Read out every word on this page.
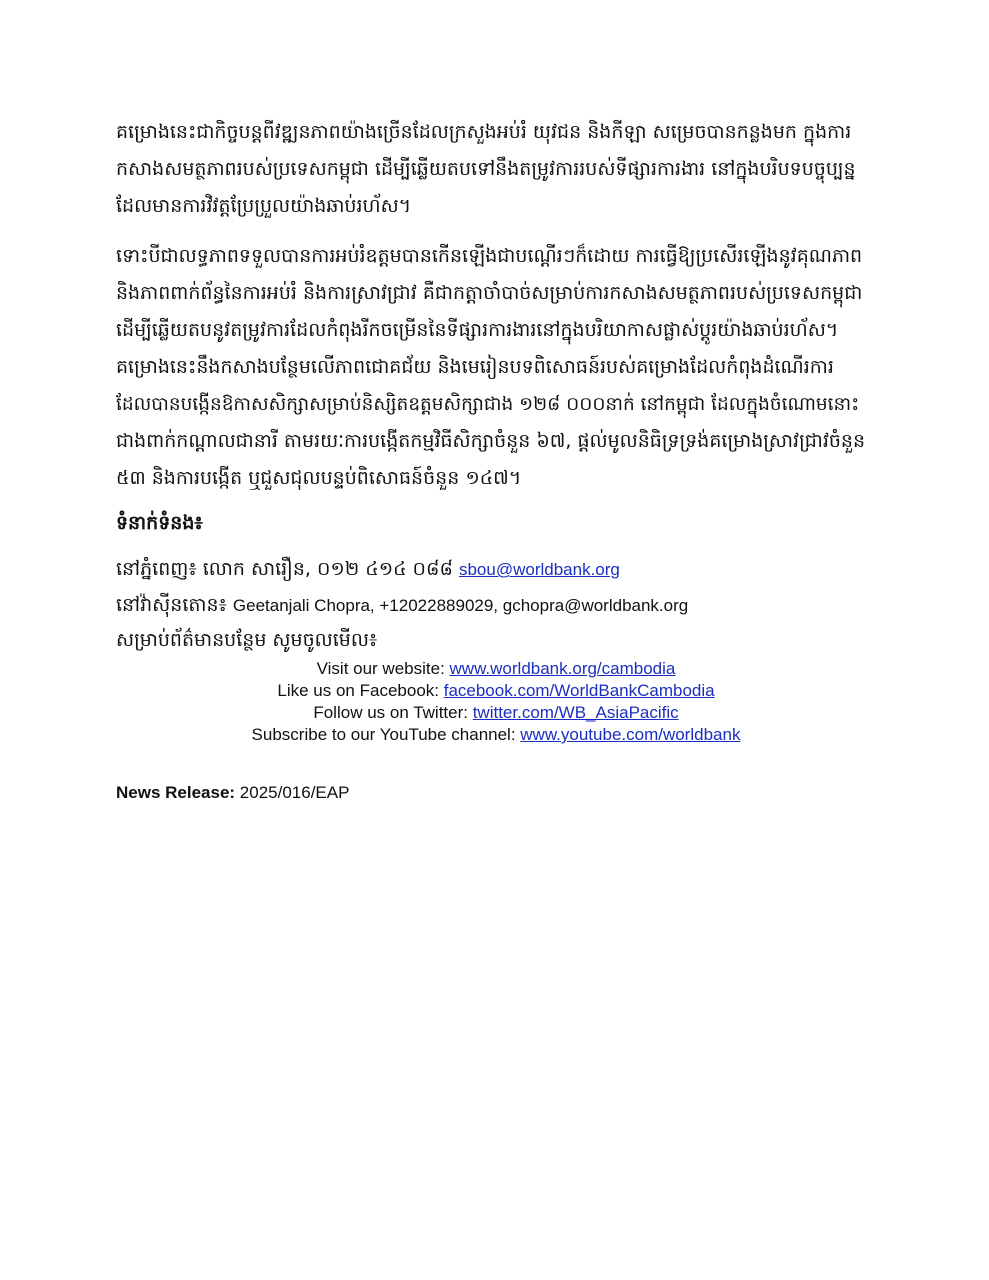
គម្រោងនេះជាកិច្ចបន្តពីវឌ្ឍនភាពយ៉ាងច្រើនដែលក្រសួងអប់រំ យុវជន និងកីឡា សម្រេចបានកន្លងមក ក្នុងការ
កសាងសមត្ថភាពរបស់ប្រទេសកម្ពុជា ដើម្បីឆ្លើយតបទៅនឹងតម្រូវការរបស់ទីផ្សារការងារ នៅក្នុងបរិបទបច្ចុប្បន្ន
ដែលមានការវិវត្តប្រែប្រួលយ៉ាងឆាប់រហ័ស។

ទោះបីជាលទ្ធភាពទទួលបានការអប់រំឧត្តមបានកើនឡើងជាបណ្តើរៗក៏ដោយ ការធ្វើឱ្យប្រសើរឡើងនូវគុណភាព
និងភាពពាក់ព័ន្ធនៃការអប់រំ និងការស្រាវជ្រាវ គឺជាកត្តាចាំបាច់សម្រាប់ការកសាងសមត្ថភាពរបស់ប្រទេសកម្ពុជា
ដើម្បីឆ្លើយតបនូវតម្រូវការដែលកំពុងរីកចម្រើននៃទីផ្សារការងារនៅក្នុងបរិយាកាសផ្លាស់ប្តូរយ៉ាងឆាប់រហ័ស។
គម្រោងនេះនឹងកសាងបន្ថែមលើភាពជោគជ័យ និងមេរៀនបទពិសោធន៍របស់គម្រោងដែលកំពុងដំណើរការ
ដែលបានបង្កើនឱកាសសិក្សាសម្រាប់និស្សិតឧត្តមសិក្សាជាង ១២៨ ០០០នាក់ នៅកម្ពុជា ដែលក្នុងចំណោមនោះ
ជាងពាក់កណ្តាលជានារី តាមរយៈការបង្កើតកម្មវិធីសិក្សាចំនួន ៦៧, ផ្តល់មូលនិធិទ្រទ្រង់គម្រោងស្រាវជ្រាវចំនួន
៥៣ និងការបង្កើត ឬជួសជុលបន្ទប់ពិសោធន៍ចំនួន ១៤៧។

ទំនាក់ទំនង៖
នៅភ្នំពេញ៖ លោក សារឿន, ០១២ ៤១៤ ០៨៨ sbou@worldbank.org
នៅវ៉ាស៊ីនតោន៖ Geetanjali Chopra, +12022889029, gchopra@worldbank.org
សម្រាប់ព័ត៌មានបន្ថែម សូមចូលមើល៖
Visit our website: www.worldbank.org/cambodia
Like us on Facebook: facebook.com/WorldBankCambodia
Follow us on Twitter: twitter.com/WB_AsiaPacific
Subscribe to our YouTube channel: www.youtube.com/worldbank
News Release: 2025/016/EAP
